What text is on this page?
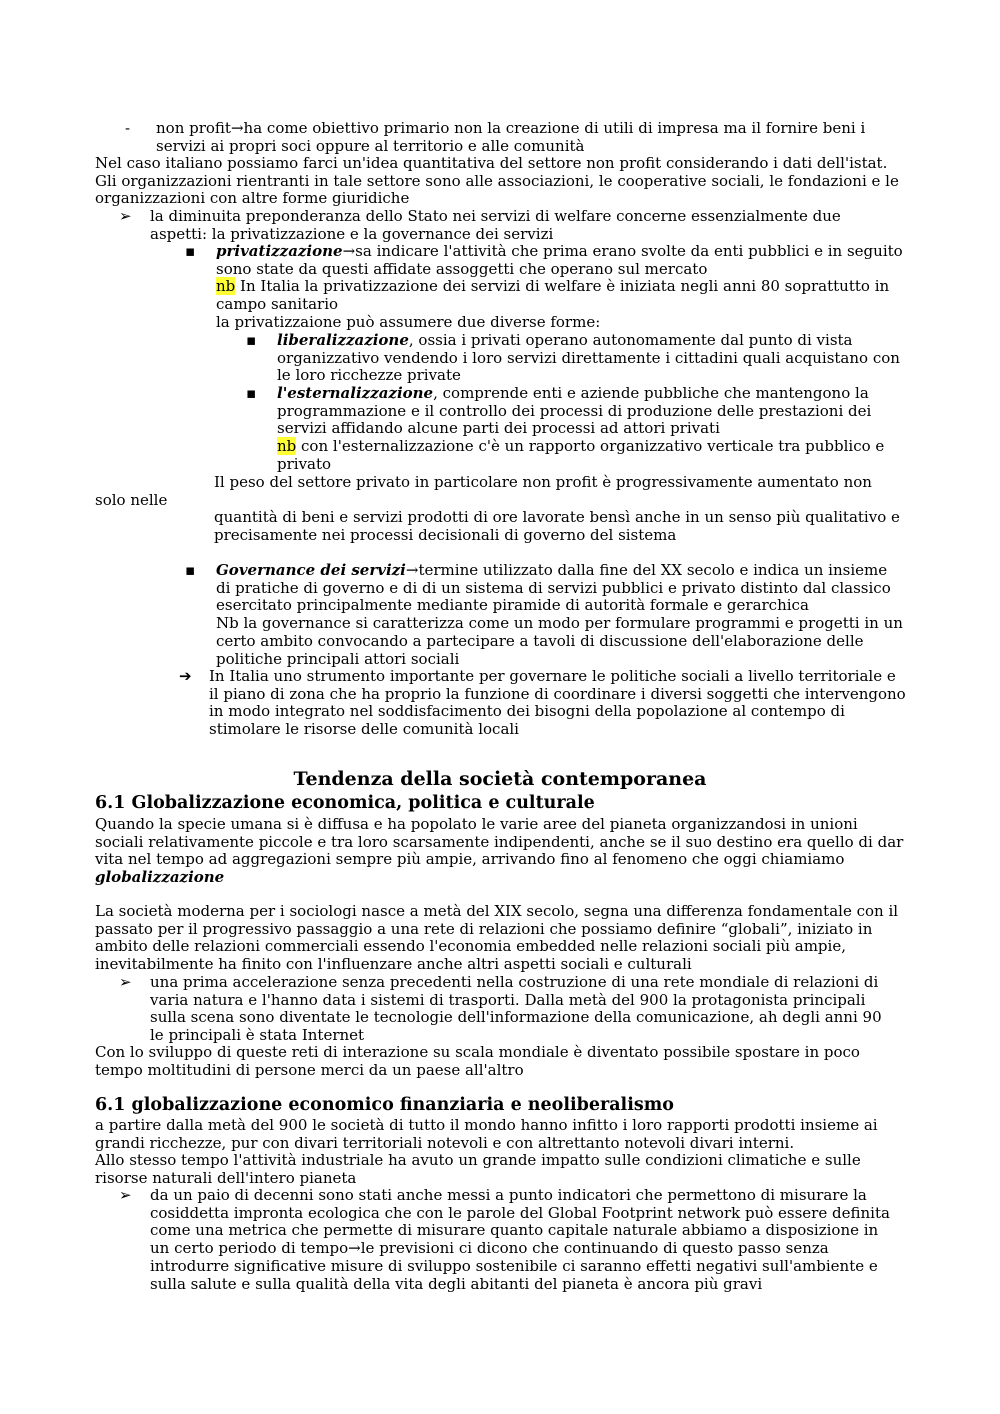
- non profit→ha come obiettivo primario non la creazione di utili di impresa ma il fornire beni i servizi ai propri soci oppure al territorio e alle comunità

Nel caso italiano possiamo farci un'idea quantitativa del settore non profit considerando i dati dell'istat. Gli organizzazioni rientranti in tale settore sono alle associazioni, le cooperative sociali, le fondazioni e le organizzazioni con altre forme giuridiche

➢ la diminuita preponderanza dello Stato nei servizi di welfare concerne essenzialmente due aspetti: la privatizzazione e la governance dei servizi

▪ privatizzazione→sa indicare l'attività che prima erano svolte da enti pubblici e in seguito sono state da questi affidate assoggetti che operano sul mercato
nb In Italia la privatizzazione dei servizi di welfare è iniziata negli anni 80 soprattutto in campo sanitario
la privatizzaione può assumere due diverse forme:
▪ liberalizzazione, ossia i privati operano autonomamente dal punto di vista organizzativo vendendo i loro servizi direttamente i cittadini quali acquistano con le loro ricchezze private

▪ l'esternalizzazione, comprende enti e aziende pubbliche che mantengono la programmazione e il controllo dei processi di produzione delle prestazioni dei servizi affidando alcune parti dei processi ad attori privati
nb con l'esternalizzazione c'è un rapporto organizzativo verticale tra pubblico e privato

Il peso del settore privato in particolare non profit è progressivamente aumentato non

solo nelle

quantità di beni e servizi prodotti di ore lavorate bensì anche in un senso più qualitativo e precisamente nei processi decisionali di governo del sistema

▪ Governance dei servizi→termine utilizzato dalla fine del XX secolo e indica un insieme di pratiche di governo e di di un sistema di servizi pubblici e privato distinto dal classico esercitato principalmente mediante piramide di autorità formale e gerarchica
Nb la governance si caratterizza come un modo per formulare programmi e progetti in un certo ambito convocando a partecipare a tavoli di discussione dell'elaborazione delle politiche principali attori sociali
➔ In Italia uno strumento importante per governare le politiche sociali a livello territoriale e il piano di zona che ha proprio la funzione di coordinare i diversi soggetti che intervengono in modo integrato nel soddisfacimento dei bisogni della popolazione al contempo di stimolare le risorse delle comunità locali

Tendenza della società contemporanea
6.1 Globalizzazione economica, politica e culturale

Quando la specie umana si è diffusa e ha popolato le varie aree del pianeta organizzandosi in unioni sociali relativamente piccole e tra loro scarsamente indipendenti, anche se il suo destino era quello di dar vita nel tempo ad aggregazioni sempre più ampie, arrivando fino al fenomeno che oggi chiamiamo globalizzazione

La società moderna per i sociologi nasce a metà del XIX secolo, segna una differenza fondamentale con il passato per il progressivo passaggio a una rete di relazioni che possiamo definire “globali”, iniziato in ambito delle relazioni commerciali essendo l'economia embedded nelle relazioni sociali più ampie, inevitabilmente ha finito con l'influenzare anche altri aspetti sociali e culturali

➢ una prima accelerazione senza precedenti nella costruzione di una rete mondiale di relazioni di varia natura e l'hanno data i sistemi di trasporti. Dalla metà del 900 la protagonista principali sulla scena sono diventate le tecnologie dell'informazione della comunicazione, ah degli anni 90 le principali è stata Internet

Con lo sviluppo di queste reti di interazione su scala mondiale è diventato possibile spostare in poco tempo moltitudini di persone merci da un paese all'altro

6.1 globalizzazione economico finanziaria e neoliberalismo

a partire dalla metà del 900 le società di tutto il mondo hanno infitto i loro rapporti prodotti insieme ai grandi ricchezze, pur con divari territoriali notevoli e con altrettanto notevoli divari interni.

Allo stesso tempo l'attività industriale ha avuto un grande impatto sulle condizioni climatiche e sulle risorse naturali dell'intero pianeta

➢ da un paio di decenni sono stati anche messi a punto indicatori che permettono di misurare la cosiddetta impronta ecologica che con le parole del Global Footprint network può essere definita come una metrica che permette di misurare quanto capitale naturale abbiamo a disposizione in un certo periodo di tempo→le previsioni ci dicono che continuando di questo passo senza introdurre significative misure di sviluppo sostenibile ci saranno effetti negativi sull'ambiente e sulla salute e sulla qualità della vita degli abitanti del pianeta è ancora più gravi
